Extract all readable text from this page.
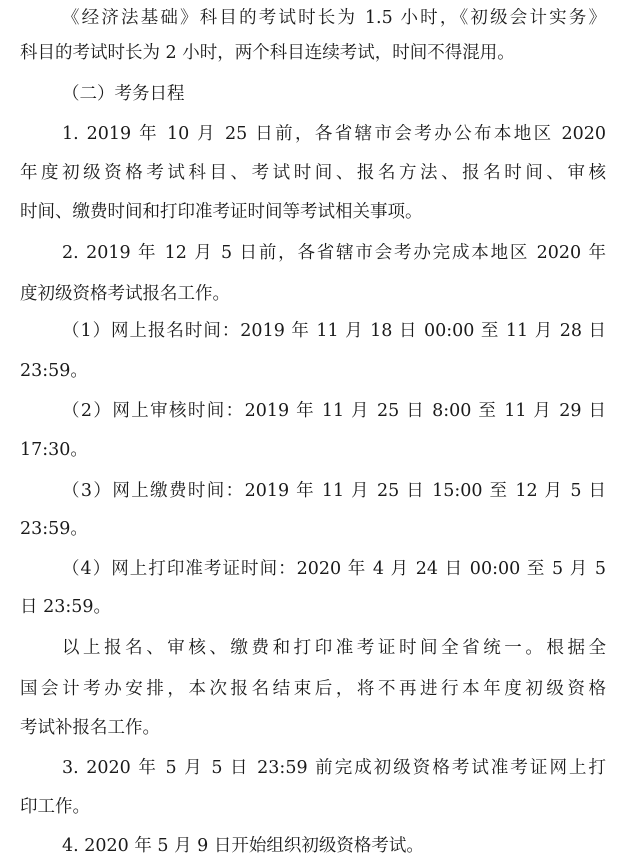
《经济法基础》科目的考试时长为 1.5 小时，《初级会计实务》
科目的考试时长为 2 小时，两个科目连续考试，时间不得混用。
（二）考务日程
1. 2019 年 10 月 25 日前，各省辖市会考办公布本地区 2020
年度初级资格考试科目、考试时间、报名方法、报名时间、审核
时间、缴费时间和打印准考证时间等考试相关事项。
2. 2019 年 12 月 5 日前，各省辖市会考办完成本地区 2020 年
度初级资格考试报名工作。
（1）网上报名时间：2019 年 11 月 18 日 00:00 至 11 月 28 日
23:59。
（2）网上审核时间：2019 年 11 月 25 日 8:00 至 11 月 29 日
17:30。
（3）网上缴费时间：2019 年 11 月 25 日 15:00 至 12 月 5 日
23:59。
（4）网上打印准考证时间：2020 年 4 月 24 日 00:00 至 5 月 5
日 23:59。
以上报名、审核、缴费和打印准考证时间全省统一。根据全
国会计考办安排，本次报名结束后，将不再进行本年度初级资格
考试补报名工作。
3. 2020 年 5 月 5 日 23:59 前完成初级资格考试准考证网上打
印工作。
4. 2020 年 5 月 9 日开始组织初级资格考试。
